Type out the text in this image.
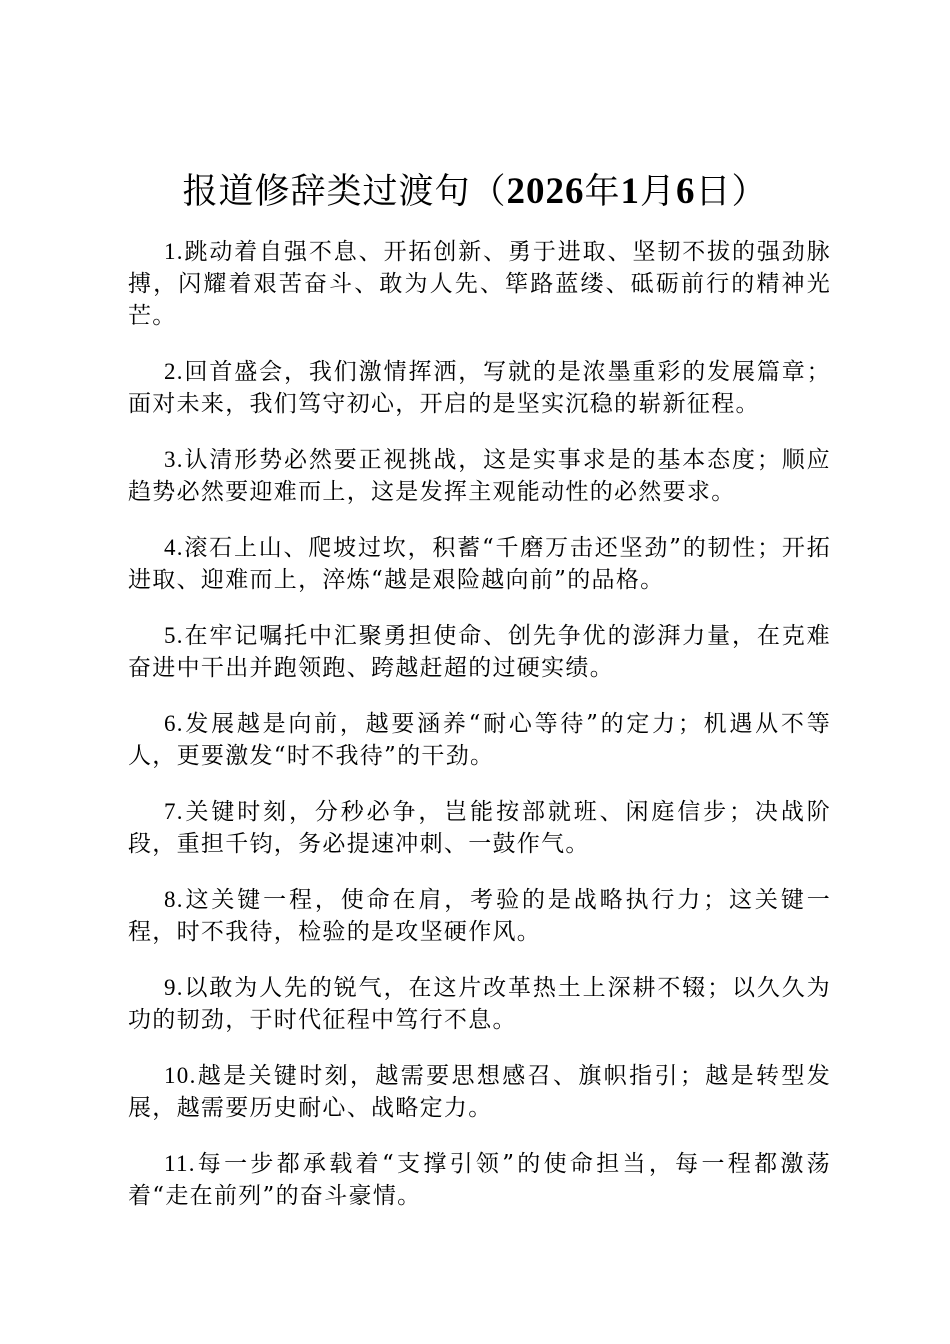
报道修辞类过渡句（2026年1月6日）

1.跳动着自强不息、开拓创新、勇于进取、坚韧不拔的强劲脉搏，闪耀着艰苦奋斗、敢为人先、筚路蓝缕、砥砺前行的精神光芒。

2.回首盛会，我们激情挥洒，写就的是浓墨重彩的发展篇章；面对未来，我们笃守初心，开启的是坚实沉稳的崭新征程。

3.认清形势必然要正视挑战，这是实事求是的基本态度；顺应趋势必然要迎难而上，这是发挥主观能动性的必然要求。

4.滚石上山、爬坡过坎，积蓄“千磨万击还坚劲”的韧性；开拓进取、迎难而上，淬炼“越是艰险越向前”的品格。

5.在牢记嘱托中汇聚勇担使命、创先争优的澎湃力量，在克难奋进中干出并跑领跑、跨越赶超的过硬实绩。

6.发展越是向前，越要涵养“耐心等待”的定力；机遇从不等人，更要激发“时不我待”的干劲。

7.关键时刻，分秒必争，岂能按部就班、闲庭信步；决战阶段，重担千钧，务必提速冲刺、一鼓作气。

8.这关键一程，使命在肩，考验的是战略执行力；这关键一程，时不我待，检验的是攻坚硬作风。

9.以敢为人先的锐气，在这片改革热土上深耕不辍；以久久为功的韧劲，于时代征程中笃行不息。

10.越是关键时刻，越需要思想感召、旗帜指引；越是转型发展，越需要历史耐心、战略定力。

11.每一步都承载着“支撑引领”的使命担当，每一程都激荡着“走在前列”的奋斗豪情。
